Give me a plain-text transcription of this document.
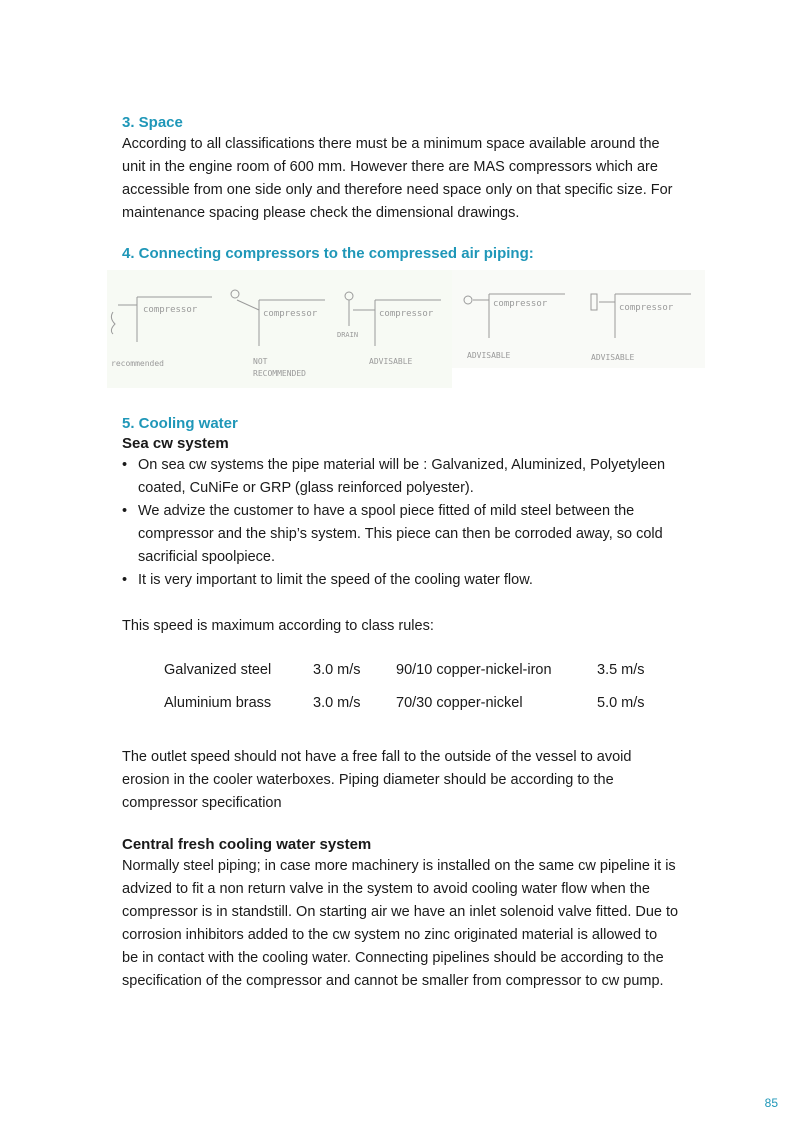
3. Space

According to all classifications there must be a minimum space available around the

unit in the engine room of 600 mm. However there are MAS compressors which are

accessible from one side only and therefore need space only on that specific size. For

maintenance spacing please check the dimensional drawings.

4. Connecting compressors to the compressed air piping:
compressor
recommended
compressor
NOT
RECOMMENDED
compressor
DRAIN
ADVISABLE
compressor
ADVISABLE
compressor
ADVISABLE
5. Cooling water
Sea cw system
• On sea cw systems the pipe material will be : Galvanized, Aluminized, Polyetyleen
coated, CuNiFe or GRP (glass reinforced polyester).
• We advize the customer to have a spool piece fitted of mild steel between the
compressor and the ship’s system. This piece can then be corroded away, so cold
sacrificial spoolpiece.
• It is very important to limit the speed of the cooling water flow.

This speed is maximum according to class rules:

Galvanized steel	3.0 m/s 90/10 copper-nickel-iron	3.5 m/s
Aluminium brass	3.0 m/s 70/30 copper-nickel	5.0 m/s

The outlet speed should not have a free fall to the outside of the vessel to avoid

erosion in the cooler waterboxes. Piping diameter should be according to the

compressor specification

Central fresh cooling water system

Normally steel piping; in case more machinery is installed on the same cw pipeline it is

advized to fit a non return valve in the system to avoid cooling water flow when the

compressor is in standstill. On starting air we have an inlet solenoid valve fitted. Due to

corrosion inhibitors added to the cw system no zinc originated material is allowed to

be in contact with the cooling water. Connecting pipelines should be according to the

specification of the compressor and cannot be smaller from compressor to cw pump.

85
